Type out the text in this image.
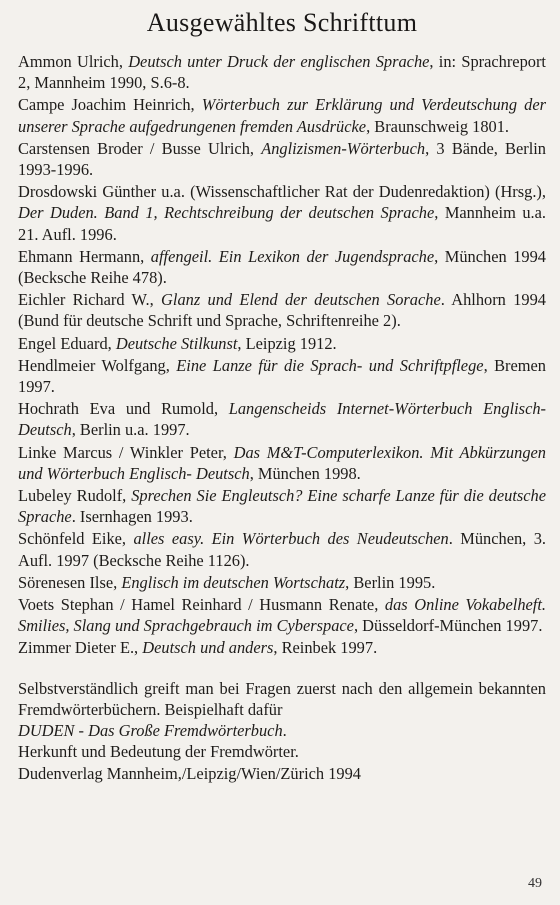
Ausgewähltes Schrifttum
Ammon Ulrich, Deutsch unter Druck der englischen Sprache, in: Sprachreport 2, Mannheim 1990, S.6-8.
Campe Joachim Heinrich, Wörterbuch zur Erklärung und Verdeutschung der unserer Sprache aufgedrungenen fremden Ausdrücke, Braunschweig 1801.
Carstensen Broder / Busse Ulrich, Anglizismen-Wörterbuch, 3 Bände, Berlin 1993-1996.
Drosdowski Günther u.a. (Wissenschaftlicher Rat der Dudenredaktion) (Hrsg.), Der Duden. Band 1, Rechtschreibung der deutschen Sprache, Mannheim u.a. 21. Aufl. 1996.
Ehmann Hermann, affengeil. Ein Lexikon der Jugendsprache, München 1994 (Becksche Reihe 478).
Eichler Richard W., Glanz und Elend der deutschen Sorache. Ahlhorn 1994 (Bund für deutsche Schrift und Sprache, Schriftenreihe 2).
Engel Eduard, Deutsche Stilkunst, Leipzig 1912.
Hendlmeier Wolfgang, Eine Lanze für die Sprach- und Schriftpflege, Bremen 1997.
Hochrath Eva und Rumold, Langenscheids Internet-Wörterbuch Englisch-Deutsch, Berlin u.a. 1997.
Linke Marcus / Winkler Peter, Das M&T-Computerlexikon. Mit Abkürzungen und Wörterbuch Englisch- Deutsch, München 1998.
Lubeley Rudolf, Sprechen Sie Engleutsch? Eine scharfe Lanze für die deutsche Sprache. Isernhagen 1993.
Schönfeld Eike, alles easy. Ein Wörterbuch des Neudeutschen. München, 3. Aufl. 1997 (Becksche Reihe 1126).
Sörenesen Ilse, Englisch im deutschen Wortschatz, Berlin 1995.
Voets Stephan / Hamel Reinhard / Husmann Renate, das Online Vokabelheft. Smilies, Slang und Sprachgebrauch im Cyberspace, Düsseldorf-München 1997.
Zimmer Dieter E., Deutsch und anders, Reinbek 1997.

Selbstverständlich greift man bei Fragen zuerst nach den allgemein bekannten Fremdwörterbüchern. Beispielhaft dafür

DUDEN - Das Große Fremdwörterbuch.

Herkunft und Bedeutung der Fremdwörter.

Dudenverlag Mannheim,/Leipzig/Wien/Zürich 1994

49
